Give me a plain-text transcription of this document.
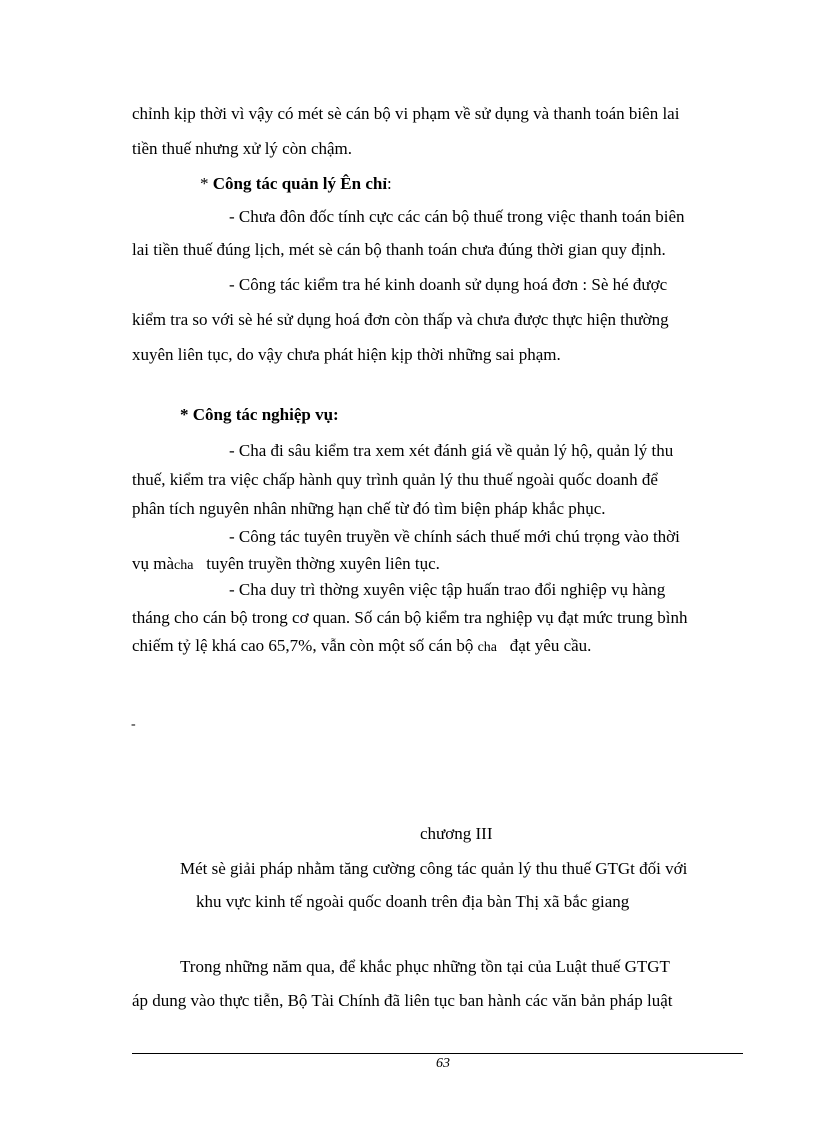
chỉnh kịp thời vì vậy có mét sè cán bộ vi phạm về sử dụng và thanh toán biên lai
tiền thuế nhưng xử lý còn chậm.
* Công tác quản lý Ên chỉ:
- Chưa đôn đốc tính cực các cán bộ thuế trong việc thanh toán biên
lai tiền thuế đúng lịch, mét sè cán bộ thanh toán chưa đúng thời gian quy định.
- Công tác kiểm tra hé kinh doanh sử dụng hoá đơn : Sè hé được
kiểm tra so với sè hé sử dụng hoá đơn còn thấp và chưa được thực hiện thường
xuyên liên tục, do vậy chưa phát hiện kịp thời những sai phạm.
* Công tác nghiệp vụ:
- Cha đi sâu kiểm tra xem xét đánh giá về quản lý hộ, quản lý thu
thuế, kiểm tra việc chấp hành quy trình quản lý thu thuế ngoài quốc doanh để
phân tích nguyên nhân những hạn chế từ đó tìm biện pháp khắc phục.
- Công tác tuyên truyền về chính sách thuế mới chú trọng vào thời
vụ màcha tuyên truyền thờng xuyên liên tục.
- Cha duy trì thờng xuyên việc tập huấn trao đổi nghiệp vụ hàng
tháng cho cán bộ trong cơ quan. Số cán bộ kiểm tra nghiệp vụ đạt mức trung bình
chiếm tỷ lệ khá cao 65,7%, vẫn còn một số cán bộ cha đạt yêu cầu.
-
chương III
Mét sè giải pháp nhằm tăng cường công tác quản lý thu thuế GTGt đối với
khu vực kinh tế ngoài quốc doanh trên địa bàn Thị xã bắc giang
Trong những năm qua, để khắc phục những tồn tại của Luật thuế GTGT
áp dung vào thực tiễn, Bộ Tài Chính đã liên tục ban hành các văn bản pháp luật
63
